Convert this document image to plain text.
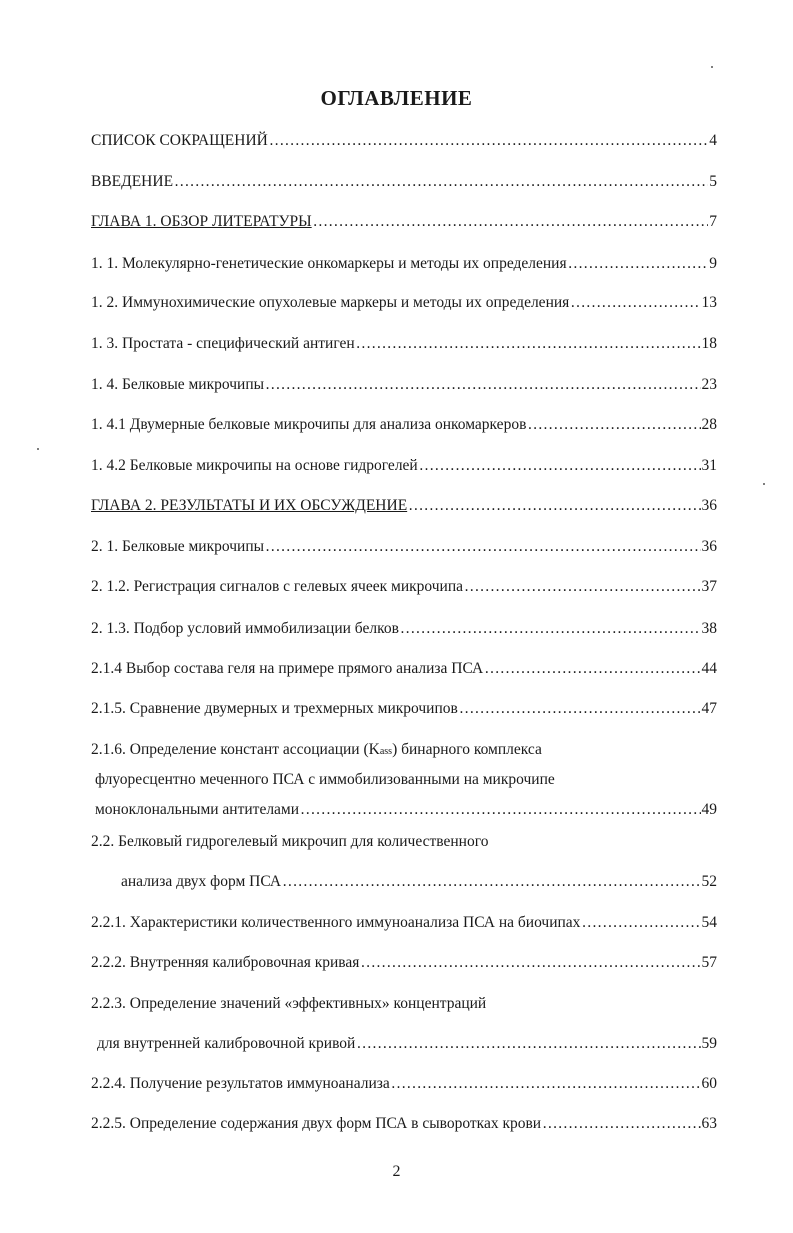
ОГЛАВЛЕНИЕ
СПИСОК СОКРАЩЕНИЙ ……………………………………………………………………………………………………………………………………………………………………	4
ВВЕДЕНИЕ ……………………………………………………………………………………………………………………………………………………………………	5
ГЛАВА 1. ОБЗОР ЛИТЕРАТУРЫ ……………………………………………………………………………………………………………………………………………………………………	7
1. 1. Молекулярно-генетические онкомаркеры и методы их определения ……………………………………………………………………………………………………………………………………………………………………	9
1. 2. Иммунохимические опухолевые маркеры и методы их определения ……………………………………………………………………………………………………………………………………………………………………	13
1. 3. Простата - специфический антиген ……………………………………………………………………………………………………………………………………………………………………	18
1. 4. Белковые микрочипы ……………………………………………………………………………………………………………………………………………………………………	23
1. 4.1 Двумерные белковые микрочипы для анализа онкомаркеров ……………………………………………………………………………………………………………………………………………………………………	28
1. 4.2 Белковые микрочипы на основе гидрогелей ……………………………………………………………………………………………………………………………………………………………………	31
ГЛАВА 2. РЕЗУЛЬТАТЫ И ИХ ОБСУЖДЕНИЕ ……………………………………………………………………………………………………………………………………………………………………	36
2. 1. Белковые микрочипы ……………………………………………………………………………………………………………………………………………………………………	36
2. 1.2. Регистрация сигналов с гелевых ячеек микрочипа ……………………………………………………………………………………………………………………………………………………………………	37
2. 1.3. Подбор условий иммобилизации белков ……………………………………………………………………………………………………………………………………………………………………	38
2.1.4 Выбор состава геля на примере прямого анализа ПСА ……………………………………………………………………………………………………………………………………………………………………	44
2.1.5. Сравнение двумерных и трехмерных микрочипов ……………………………………………………………………………………………………………………………………………………………………	47
2.1.6. Определение констант ассоциации (Kass) бинарного комплекса
флуоресцентно меченного ПСА с иммобилизованными на микрочипе
моноклональными антителами ……………………………………………………………………………………………………………………………………………………………………	49
2.2. Белковый гидрогелевый микрочип для количественного
анализа двух форм ПСА ……………………………………………………………………………………………………………………………………………………………………	52
2.2.1. Характеристики количественного иммуноанализа ПСА на биочипах ……………………………………………………………………………………………………………………………………………………………………	54
2.2.2. Внутренняя калибровочная кривая ……………………………………………………………………………………………………………………………………………………………………	57
2.2.3. Определение значений «эффективных» концентраций
для внутренней калибровочной кривой ……………………………………………………………………………………………………………………………………………………………………	59
2.2.4. Получение результатов иммуноанализа ……………………………………………………………………………………………………………………………………………………………………	60
2.2.5. Определение содержания двух форм ПСА в сыворотках крови ……………………………………………………………………………………………………………………………………………………………………	63
2
